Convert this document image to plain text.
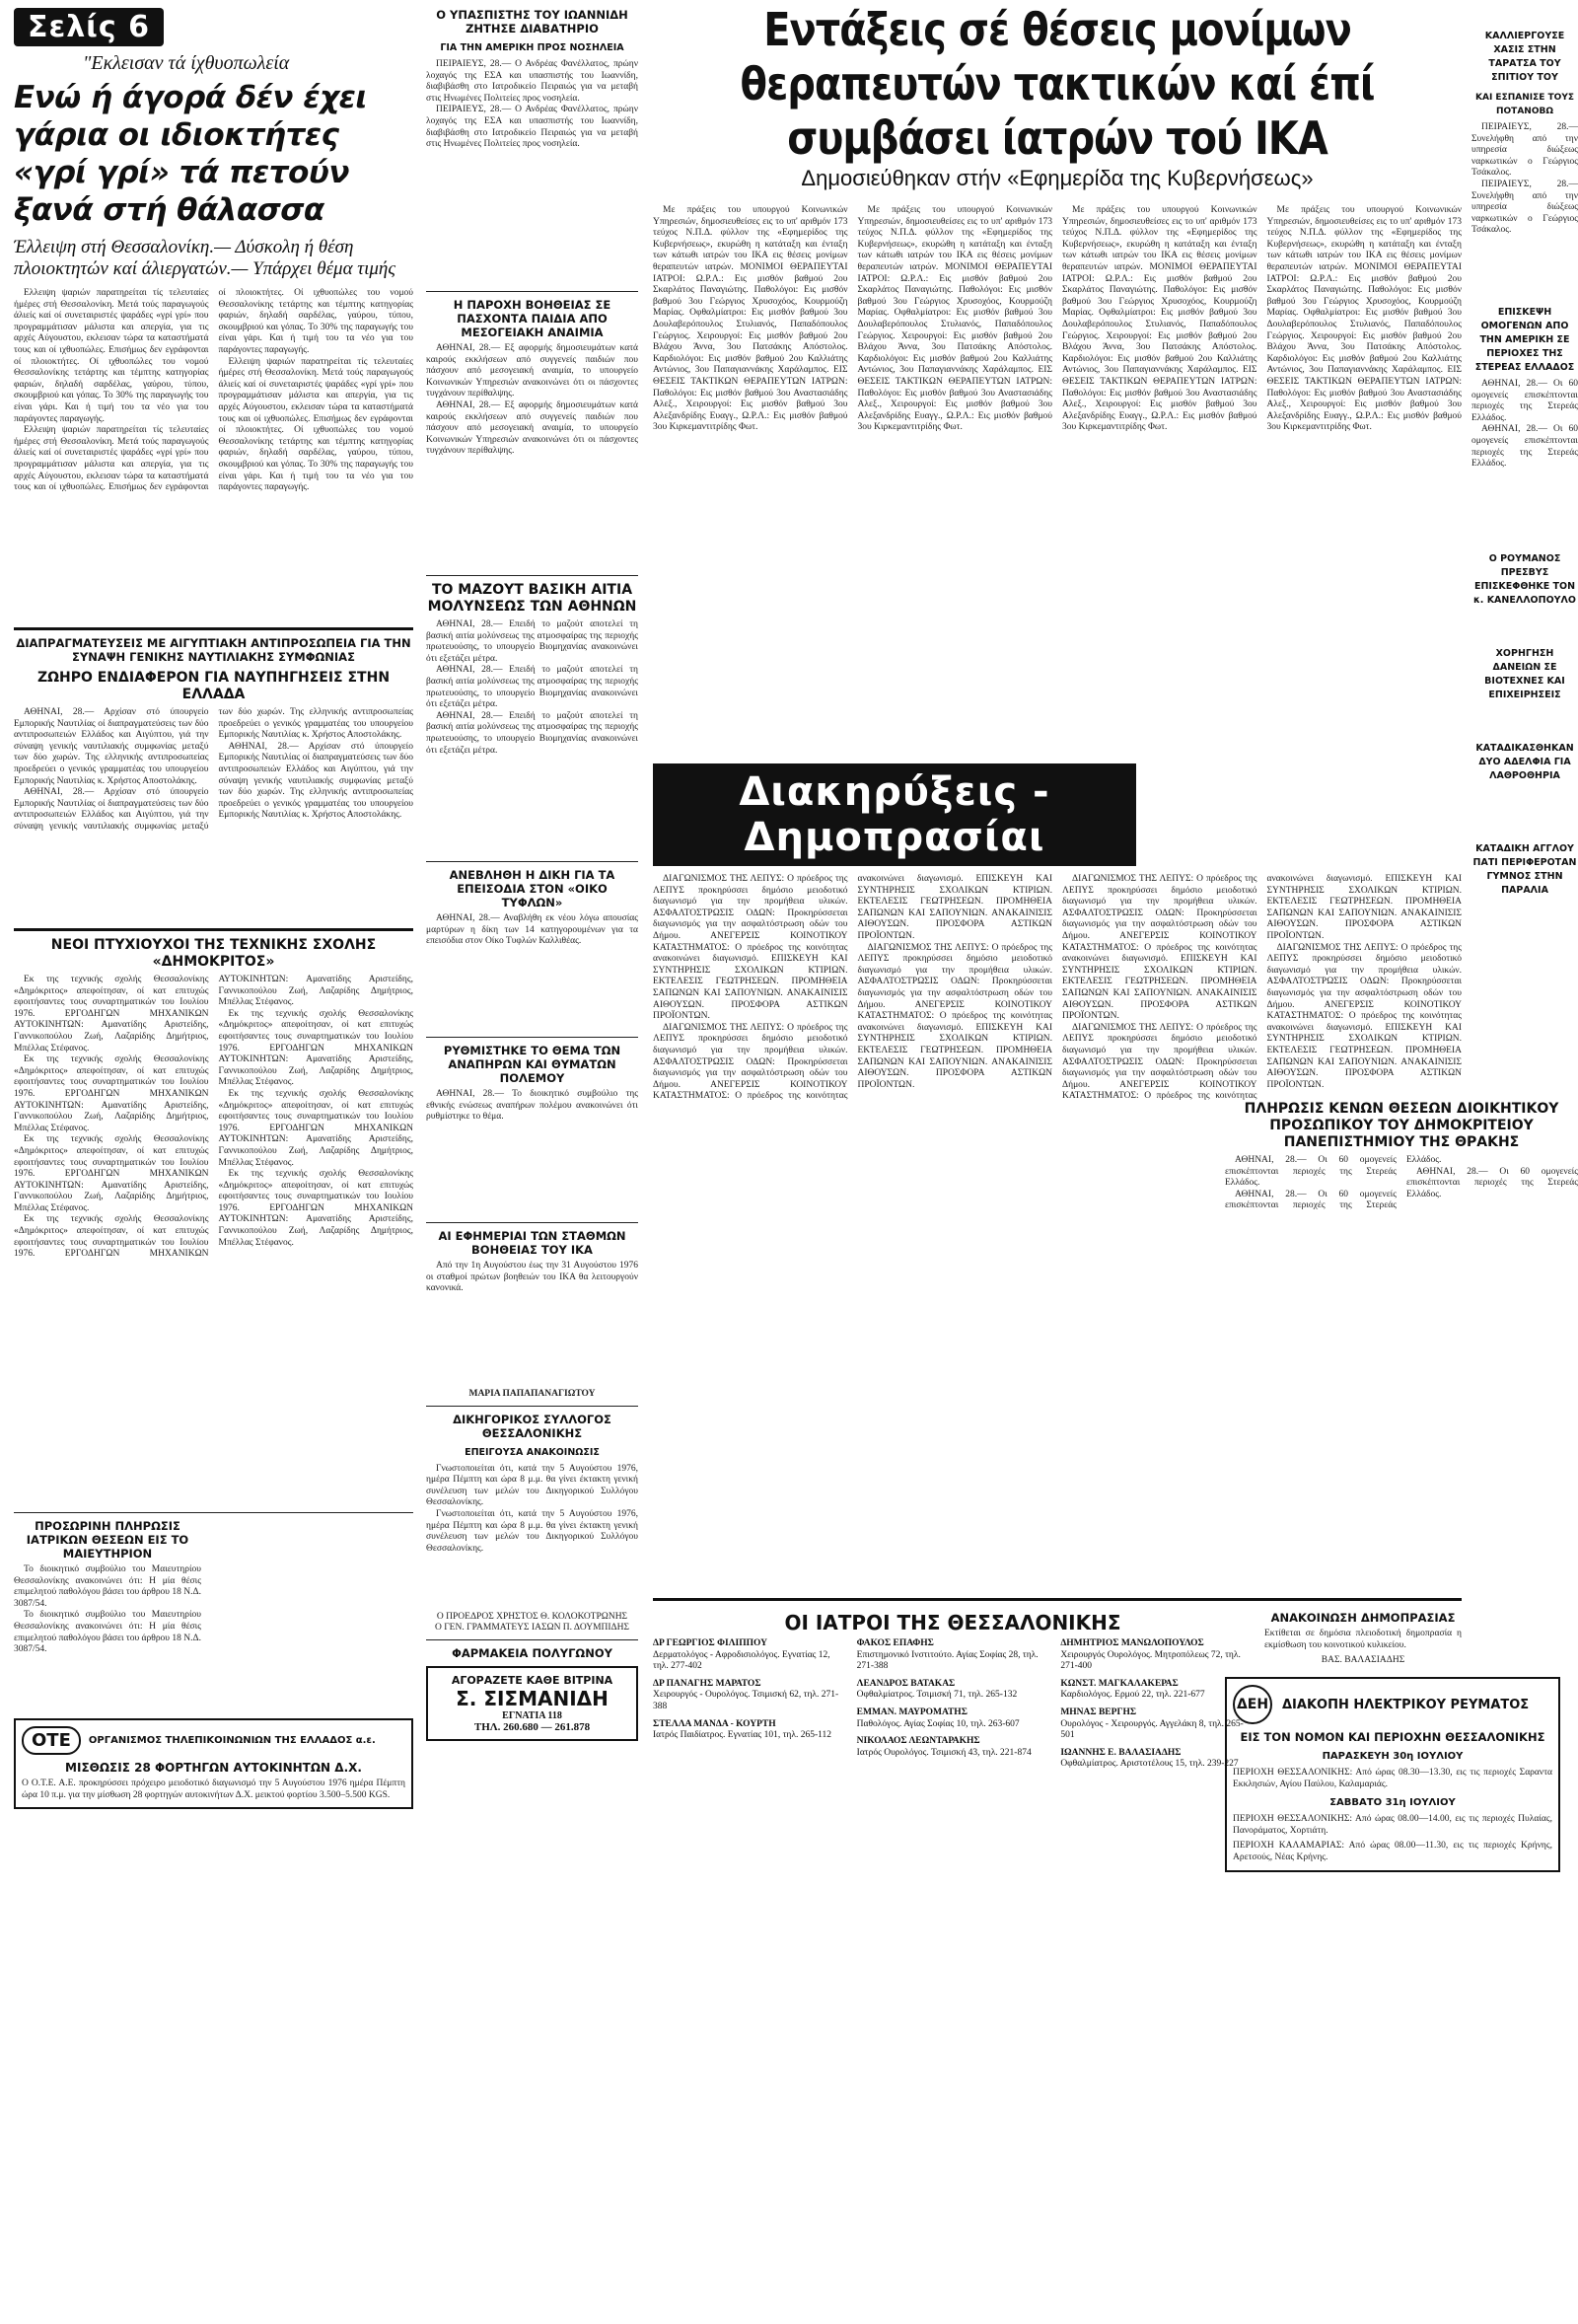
Σελίς 6
"Εκλεισαν τά ίχθυοπωλεία
Ενώ ή άγορά δέν έχει γάρια οι ιδιοκτήτες «γρί γρί» τά πετούν ξανά στή θάλασσα
Έλλειψη στή Θεσσαλονίκη.— Δύσκολη ή θέση πλοιοκτητών καί άλιεργατών.— Υπάρχει θέμα τιμής

Ελλειψη ψαριών παρατηρείται τίς τελευταίες ήμέρες στή Θεσσαλονίκη. Μετά τούς παραγωγούς άλιείς καί οί συνεταιριστές ψαράδες «γρί γρί» που προγραμμάτισαν μάλιστα και απεργία, για τις αρχές Αύγουστου, εκλεισαν τώρα τα καταστήματά τους και οί ιχθυοπώλες. Επισήμως δεν εγράφονται οί πλοιοκτήτες. Οί ιχθυοπώλες του νομού Θεσσαλονίκης τετάρτης και τέμπτης κατηγορίας φαριών, δηλαδή σαρδέλας, γαύρου, τύπου, σκουμβριού και γόπας. Το 30% της παραγωγής του είναι γάρι. Και ή τιμή του τα νέο για του παράγοντες παραγωγής.

Ελλειψη ψαριών παρατηρείται τίς τελευταίες ήμέρες στή Θεσσαλονίκη. Μετά τούς παραγωγούς άλιείς καί οί συνεταιριστές ψαράδες «γρί γρί» που προγραμμάτισαν μάλιστα και απεργία, για τις αρχές Αύγουστου, εκλεισαν τώρα τα καταστήματά τους και οί ιχθυοπώλες. Επισήμως δεν εγράφονται οί πλοιοκτήτες. Οί ιχθυοπώλες του νομού Θεσσαλονίκης τετάρτης και τέμπτης κατηγορίας φαριών, δηλαδή σαρδέλας, γαύρου, τύπου, σκουμβριού και γόπας. Το 30% της παραγωγής του είναι γάρι. Και ή τιμή του τα νέο για του παράγοντες παραγωγής.

Ελλειψη ψαριών παρατηρείται τίς τελευταίες ήμέρες στή Θεσσαλονίκη. Μετά τούς παραγωγούς άλιείς καί οί συνεταιριστές ψαράδες «γρί γρί» που προγραμμάτισαν μάλιστα και απεργία, για τις αρχές Αύγουστου, εκλεισαν τώρα τα καταστήματά τους και οί ιχθυοπώλες. Επισήμως δεν εγράφονται οί πλοιοκτήτες. Οί ιχθυοπώλες του νομού Θεσσαλονίκης τετάρτης και τέμπτης κατηγορίας φαριών, δηλαδή σαρδέλας, γαύρου, τύπου, σκουμβριού και γόπας. Το 30% της παραγωγής του είναι γάρι. Και ή τιμή του τα νέο για του παράγοντες παραγωγής.

ΔΙΑΠΡΑΓΜΑΤΕΥΣΕΙΣ ΜΕ ΑΙΓΥΠΤΙΑΚΗ ΑΝΤΙΠΡΟΣΩΠΕΙΑ ΓΙΑ ΤΗΝ ΣΥΝΑΨΗ ΓΕΝΙΚΗΣ ΝΑΥΤΙΛΙΑΚΗΣ ΣΥΜΦΩΝΙΑΣ
ΖΩΗΡΟ ΕΝΔΙΑΦΕΡΟΝ ΓΙΑ ΝΑΥΠΗΓΗΣΕΙΣ ΣΤΗΝ ΕΛΛΑΔΑ

ΑΘΗΝΑΙ, 28.— Αρχίσαν στό ύπουργείο Εμπορικής Ναυτιλίας οί διαπραγματεύσεις των δύο αντιπροσωπειών Ελλάδος και Αιγύπτου, γιά την σύναψη γενικής ναυτιλιακής συμφωνίας μεταξύ των δύο χωρών. Της ελληνικής αντιπροσωπείας προεδρεύει ο γενικός γραμματέας του υπουργείου Εμπορικής Ναυτιλίας κ. Χρήστος Αποστολάκης.

ΑΘΗΝΑΙ, 28.— Αρχίσαν στό ύπουργείο Εμπορικής Ναυτιλίας οί διαπραγματεύσεις των δύο αντιπροσωπειών Ελλάδος και Αιγύπτου, γιά την σύναψη γενικής ναυτιλιακής συμφωνίας μεταξύ των δύο χωρών. Της ελληνικής αντιπροσωπείας προεδρεύει ο γενικός γραμματέας του υπουργείου Εμπορικής Ναυτιλίας κ. Χρήστος Αποστολάκης.

ΑΘΗΝΑΙ, 28.— Αρχίσαν στό ύπουργείο Εμπορικής Ναυτιλίας οί διαπραγματεύσεις των δύο αντιπροσωπειών Ελλάδος και Αιγύπτου, γιά την σύναψη γενικής ναυτιλιακής συμφωνίας μεταξύ των δύο χωρών. Της ελληνικής αντιπροσωπείας προεδρεύει ο γενικός γραμματέας του υπουργείου Εμπορικής Ναυτιλίας κ. Χρήστος Αποστολάκης.

ΝΕΟΙ ΠΤΥΧΙΟΥΧΟΙ ΤΗΣ ΤΕΧΝΙΚΗΣ ΣΧΟΛΗΣ «ΔΗΜΟΚΡΙΤΟΣ»

Εκ της τεχνικής σχολής Θεσσαλονίκης «Δημόκριτος» απεφοίτησαν, οί κατ επιτυχώς εφοιτήσαντες τους συναρτηματικών του Ιουλίου 1976. ΕΡΓΟΔΗΓΩΝ ΜΗΧΑΝΙΚΩΝ ΑΥΤΟΚΙΝΗΤΩΝ: Αμανατίδης Αριστείδης, Γαννικοπούλου Ζωή, Λαζαρίδης Δημήτριος, Μπέλλας Στέφανος.

Εκ της τεχνικής σχολής Θεσσαλονίκης «Δημόκριτος» απεφοίτησαν, οί κατ επιτυχώς εφοιτήσαντες τους συναρτηματικών του Ιουλίου 1976. ΕΡΓΟΔΗΓΩΝ ΜΗΧΑΝΙΚΩΝ ΑΥΤΟΚΙΝΗΤΩΝ: Αμανατίδης Αριστείδης, Γαννικοπούλου Ζωή, Λαζαρίδης Δημήτριος, Μπέλλας Στέφανος.

Εκ της τεχνικής σχολής Θεσσαλονίκης «Δημόκριτος» απεφοίτησαν, οί κατ επιτυχώς εφοιτήσαντες τους συναρτηματικών του Ιουλίου 1976. ΕΡΓΟΔΗΓΩΝ ΜΗΧΑΝΙΚΩΝ ΑΥΤΟΚΙΝΗΤΩΝ: Αμανατίδης Αριστείδης, Γαννικοπούλου Ζωή, Λαζαρίδης Δημήτριος, Μπέλλας Στέφανος.

Εκ της τεχνικής σχολής Θεσσαλονίκης «Δημόκριτος» απεφοίτησαν, οί κατ επιτυχώς εφοιτήσαντες τους συναρτηματικών του Ιουλίου 1976. ΕΡΓΟΔΗΓΩΝ ΜΗΧΑΝΙΚΩΝ ΑΥΤΟΚΙΝΗΤΩΝ: Αμανατίδης Αριστείδης, Γαννικοπούλου Ζωή, Λαζαρίδης Δημήτριος, Μπέλλας Στέφανος.

Εκ της τεχνικής σχολής Θεσσαλονίκης «Δημόκριτος» απεφοίτησαν, οί κατ επιτυχώς εφοιτήσαντες τους συναρτηματικών του Ιουλίου 1976. ΕΡΓΟΔΗΓΩΝ ΜΗΧΑΝΙΚΩΝ ΑΥΤΟΚΙΝΗΤΩΝ: Αμανατίδης Αριστείδης, Γαννικοπούλου Ζωή, Λαζαρίδης Δημήτριος, Μπέλλας Στέφανος.

Εκ της τεχνικής σχολής Θεσσαλονίκης «Δημόκριτος» απεφοίτησαν, οί κατ επιτυχώς εφοιτήσαντες τους συναρτηματικών του Ιουλίου 1976. ΕΡΓΟΔΗΓΩΝ ΜΗΧΑΝΙΚΩΝ ΑΥΤΟΚΙΝΗΤΩΝ: Αμανατίδης Αριστείδης, Γαννικοπούλου Ζωή, Λαζαρίδης Δημήτριος, Μπέλλας Στέφανος.

Εκ της τεχνικής σχολής Θεσσαλονίκης «Δημόκριτος» απεφοίτησαν, οί κατ επιτυχώς εφοιτήσαντες τους συναρτηματικών του Ιουλίου 1976. ΕΡΓΟΔΗΓΩΝ ΜΗΧΑΝΙΚΩΝ ΑΥΤΟΚΙΝΗΤΩΝ: Αμανατίδης Αριστείδης, Γαννικοπούλου Ζωή, Λαζαρίδης Δημήτριος, Μπέλλας Στέφανος.

ΠΡΟΣΩΡΙΝΗ ΠΛΗΡΩΣΙΣ ΙΑΤΡΙΚΩΝ ΘΕΣΕΩΝ ΕΙΣ ΤΟ ΜΑΙΕΥΤΗΡΙΟΝ

Το διοικητικό συμβούλιο του Μαιευτηρίου Θεσσαλονίκης ανακοινώνει ότι: Η μία θέσις επιμελητού παθολόγου βάσει του άρθρου 18 Ν.Δ. 3087/54.

Το διοικητικό συμβούλιο του Μαιευτηρίου Θεσσαλονίκης ανακοινώνει ότι: Η μία θέσις επιμελητού παθολόγου βάσει του άρθρου 18 Ν.Δ. 3087/54.

ΟΤΕ	ΟΡΓΑΝΙΣΜΟΣ ΤΗΛΕΠΙΚΟΙΝΩΝΙΩΝ ΤΗΣ ΕΛΛΑΔΟΣ α.ε.
ΜΙΣΘΩΣΙΣ 28 ΦΟΡΤΗΓΩΝ ΑΥΤΟΚΙΝΗΤΩΝ Δ.Χ.
Ο Ο.Τ.Ε. Α.Ε. προκηρύσσει πρόχειρο μειοδοτικό διαγωνισμό την 5 Αυγούστου 1976 ημέρα Πέμπτη ώρα 10 π.μ. για την μίσθωση 28 φορτηγών αυτοκινήτων Δ.Χ. μεικτού φορτίου 3.500–5.500 KGS.
Ο ΥΠΑΣΠΙΣΤΗΣ ΤΟΥ ΙΩΑΝΝΙΔΗ ΖΗΤΗΣΕ ΔΙΑΒΑΤΗΡΙΟ
ΓΙΑ ΤΗΝ ΑΜΕΡΙΚΗ ΠΡΟΣ ΝΟΣΗΛΕΙΑ

ΠΕΙΡΑΙΕΥΣ, 28.— Ο Ανδρέας Φανέλλατος, πρώην λοχαγός της ΕΣΑ και υπασπιστής του Ιωαννίδη, διαβιβάσθη στο Ιατροδικείο Πειραιώς για να μεταβή στις Ηνωμένες Πολιτείες προς νοσηλεία.

ΠΕΙΡΑΙΕΥΣ, 28.— Ο Ανδρέας Φανέλλατος, πρώην λοχαγός της ΕΣΑ και υπασπιστής του Ιωαννίδη, διαβιβάσθη στο Ιατροδικείο Πειραιώς για να μεταβή στις Ηνωμένες Πολιτείες προς νοσηλεία.

Η ΠΑΡΟΧΗ ΒΟΗΘΕΙΑΣ ΣΕ ΠΑΣΧΟΝΤΑ ΠΑΙΔΙΑ ΑΠΟ ΜΕΣΟΓΕΙΑΚΗ ΑΝΑΙΜΙΑ

ΑΘΗΝΑΙ, 28.— Εξ αφορμής δημοσιευμάτων κατά καιρούς εκκλήσεων από συγγενείς παιδιών που πάσχουν από μεσογειακή αναιμία, το υπουργείο Κοινωνικών Υπηρεσιών ανακοινώνει ότι οι πάσχοντες τυγχάνουν περίθαλψης.

ΑΘΗΝΑΙ, 28.— Εξ αφορμής δημοσιευμάτων κατά καιρούς εκκλήσεων από συγγενείς παιδιών που πάσχουν από μεσογειακή αναιμία, το υπουργείο Κοινωνικών Υπηρεσιών ανακοινώνει ότι οι πάσχοντες τυγχάνουν περίθαλψης.

ΤΟ ΜΑΖΟΥΤ ΒΑΣΙΚΗ ΑΙΤΙΑ ΜΟΛΥΝΣΕΩΣ ΤΩΝ ΑΘΗΝΩΝ

ΑΘΗΝΑΙ, 28.— Επειδή το μαζούτ αποτελεί τη βασική αιτία μολύνσεως της ατμοσφαίρας της περιοχής πρωτευούσης, το υπουργείο Βιομηχανίας ανακοινώνει ότι εξετάζει μέτρα.

ΑΘΗΝΑΙ, 28.— Επειδή το μαζούτ αποτελεί τη βασική αιτία μολύνσεως της ατμοσφαίρας της περιοχής πρωτευούσης, το υπουργείο Βιομηχανίας ανακοινώνει ότι εξετάζει μέτρα.

ΑΘΗΝΑΙ, 28.— Επειδή το μαζούτ αποτελεί τη βασική αιτία μολύνσεως της ατμοσφαίρας της περιοχής πρωτευούσης, το υπουργείο Βιομηχανίας ανακοινώνει ότι εξετάζει μέτρα.

ΑΝΕΒΛΗΘΗ Η ΔΙΚΗ ΓΙΑ ΤΑ ΕΠΕΙΣΟΔΙΑ ΣΤΟΝ «ΟΙΚΟ ΤΥΦΛΩΝ»

ΑΘΗΝΑΙ, 28.— Αναβλήθη εκ νέου λόγω απουσίας μαρτύρων η δίκη των 14 κατηγορουμένων για τα επεισόδια στον Οίκο Τυφλών Καλλιθέας.

ΡΥΘΜΙΣΤΗΚΕ ΤΟ ΘΕΜΑ ΤΩΝ ΑΝΑΠΗΡΩΝ ΚΑΙ ΘΥΜΑΤΩΝ ΠΟΛΕΜΟΥ

ΑΘΗΝΑΙ, 28.— Το διοικητικό συμβούλιο της εθνικής ενώσεως αναπήρων πολέμου ανακοινώνει ότι ρυθμίστηκε το θέμα.

ΑΙ ΕΦΗΜΕΡΙΑΙ ΤΩΝ ΣΤΑΘΜΩΝ ΒΟΗΘΕΙΑΣ ΤΟΥ ΙΚΑ

Από την 1η Αυγούστου έως την 31 Αυγούστου 1976 οι σταθμοί πρώτων βοηθειών του ΙΚΑ θα λειτουργούν κανονικά.

ΜΑΡΙΑ ΠΑΠΑΠΑΝΑΓΙΩΤΟΥ
ΔΙΚΗΓΟΡΙΚΟΣ ΣΥΛΛΟΓΟΣ ΘΕΣΣΑΛΟΝΙΚΗΣ
ΕΠΕΙΓΟΥΣΑ ΑΝΑΚΟΙΝΩΣΙΣ

Γνωστοποιείται ότι, κατά την 5 Αυγούστου 1976, ημέρα Πέμπτη και ώρα 8 μ.μ. θα γίνει έκτακτη γενική συνέλευση των μελών του Δικηγορικού Συλλόγου Θεσσαλονίκης.

Γνωστοποιείται ότι, κατά την 5 Αυγούστου 1976, ημέρα Πέμπτη και ώρα 8 μ.μ. θα γίνει έκτακτη γενική συνέλευση των μελών του Δικηγορικού Συλλόγου Θεσσαλονίκης.

Ο ΠΡΟΕΔΡΟΣ ΧΡΗΣΤΟΣ Θ. ΚΟΛΟΚΟΤΡΩΝΗΣ
Ο ΓΕΝ. ΓΡΑΜΜΑΤΕΥΣ ΙΑΣΩΝ Π. ΔΟΥΜΠΙΔΗΣ
ΦΑΡΜΑΚΕΙΑ ΠΟΛΥΓΩΝΟΥ
ΑΓΟΡΑΖΕΤΕ ΚΑΘΕ ΒΙΤΡΙΝΑ
Σ. ΣΙΣΜΑΝΙΔΗ
ΕΓΝΑΤΙΑ 118
ΤΗΛ. 260.680 — 261.878
Εντάξεις σέ θέσεις μονίμων θεραπευτών τακτικών καί έπί συμβάσει ίατρών τού ΙΚΑ
Δημοσιεύθηκαν στήν «Εφημερίδα της Κυβερνήσεως»

Με πράξεις του υπουργού Κοινωνικών Υπηρεσιών, δημοσιευθείσες εις το υπ' αριθμόν 173 τεύχος Ν.Π.Δ. φύλλον της «Εφημερίδος της Κυβερνήσεως», εκυρώθη η κατάταξη και ένταξη των κάτωθι ιατρών του ΙΚΑ εις θέσεις μονίμων θεραπευτών ιατρών. ΜΟΝΙΜΟΙ ΘΕΡΑΠΕΥΤΑΙ ΙΑΤΡΟΙ: Ω.Ρ.Λ.: Εις μισθόν βαθμού 2ου Σκαρλάτος Παναγιώτης. Παθολόγοι: Εις μισθόν βαθμού 3ου Γεώργιος Χρυσοχόος, Κουρμούζη Μαρίας. Οφθαλμίατροι: Εις μισθόν βαθμού 3ου Δουλαβερόπουλος Στυλιανός, Παπαδόπουλος Γεώργιος. Χειρουργοί: Εις μισθόν βαθμού 2ου Βλάχου Άννα, 3ου Πατσάκης Απόστολος. Καρδιολόγοι: Εις μισθόν βαθμού 2ου Καλλιάτης Αντώνιος, 3ου Παπαγιαννάκης Χαράλαμπος. ΕΙΣ ΘΕΣΕΙΣ ΤΑΚΤΙΚΩΝ ΘΕΡΑΠΕΥΤΩΝ ΙΑΤΡΩΝ: Παθολόγοι: Εις μισθόν βαθμού 3ου Αναστασιάδης Αλεξ., Χειρουργοί: Εις μισθόν βαθμού 3ου Αλεξανδρίδης Ευαγγ., Ω.Ρ.Λ.: Εις μισθόν βαθμού 3ου Κιρκεμαντιτρίδης Φωτ.

Με πράξεις του υπουργού Κοινωνικών Υπηρεσιών, δημοσιευθείσες εις το υπ' αριθμόν 173 τεύχος Ν.Π.Δ. φύλλον της «Εφημερίδος της Κυβερνήσεως», εκυρώθη η κατάταξη και ένταξη των κάτωθι ιατρών του ΙΚΑ εις θέσεις μονίμων θεραπευτών ιατρών. ΜΟΝΙΜΟΙ ΘΕΡΑΠΕΥΤΑΙ ΙΑΤΡΟΙ: Ω.Ρ.Λ.: Εις μισθόν βαθμού 2ου Σκαρλάτος Παναγιώτης. Παθολόγοι: Εις μισθόν βαθμού 3ου Γεώργιος Χρυσοχόος, Κουρμούζη Μαρίας. Οφθαλμίατροι: Εις μισθόν βαθμού 3ου Δουλαβερόπουλος Στυλιανός, Παπαδόπουλος Γεώργιος. Χειρουργοί: Εις μισθόν βαθμού 2ου Βλάχου Άννα, 3ου Πατσάκης Απόστολος. Καρδιολόγοι: Εις μισθόν βαθμού 2ου Καλλιάτης Αντώνιος, 3ου Παπαγιαννάκης Χαράλαμπος. ΕΙΣ ΘΕΣΕΙΣ ΤΑΚΤΙΚΩΝ ΘΕΡΑΠΕΥΤΩΝ ΙΑΤΡΩΝ: Παθολόγοι: Εις μισθόν βαθμού 3ου Αναστασιάδης Αλεξ., Χειρουργοί: Εις μισθόν βαθμού 3ου Αλεξανδρίδης Ευαγγ., Ω.Ρ.Λ.: Εις μισθόν βαθμού 3ου Κιρκεμαντιτρίδης Φωτ.

Με πράξεις του υπουργού Κοινωνικών Υπηρεσιών, δημοσιευθείσες εις το υπ' αριθμόν 173 τεύχος Ν.Π.Δ. φύλλον της «Εφημερίδος της Κυβερνήσεως», εκυρώθη η κατάταξη και ένταξη των κάτωθι ιατρών του ΙΚΑ εις θέσεις μονίμων θεραπευτών ιατρών. ΜΟΝΙΜΟΙ ΘΕΡΑΠΕΥΤΑΙ ΙΑΤΡΟΙ: Ω.Ρ.Λ.: Εις μισθόν βαθμού 2ου Σκαρλάτος Παναγιώτης. Παθολόγοι: Εις μισθόν βαθμού 3ου Γεώργιος Χρυσοχόος, Κουρμούζη Μαρίας. Οφθαλμίατροι: Εις μισθόν βαθμού 3ου Δουλαβερόπουλος Στυλιανός, Παπαδόπουλος Γεώργιος. Χειρουργοί: Εις μισθόν βαθμού 2ου Βλάχου Άννα, 3ου Πατσάκης Απόστολος. Καρδιολόγοι: Εις μισθόν βαθμού 2ου Καλλιάτης Αντώνιος, 3ου Παπαγιαννάκης Χαράλαμπος. ΕΙΣ ΘΕΣΕΙΣ ΤΑΚΤΙΚΩΝ ΘΕΡΑΠΕΥΤΩΝ ΙΑΤΡΩΝ: Παθολόγοι: Εις μισθόν βαθμού 3ου Αναστασιάδης Αλεξ., Χειρουργοί: Εις μισθόν βαθμού 3ου Αλεξανδρίδης Ευαγγ., Ω.Ρ.Λ.: Εις μισθόν βαθμού 3ου Κιρκεμαντιτρίδης Φωτ.

Με πράξεις του υπουργού Κοινωνικών Υπηρεσιών, δημοσιευθείσες εις το υπ' αριθμόν 173 τεύχος Ν.Π.Δ. φύλλον της «Εφημερίδος της Κυβερνήσεως», εκυρώθη η κατάταξη και ένταξη των κάτωθι ιατρών του ΙΚΑ εις θέσεις μονίμων θεραπευτών ιατρών. ΜΟΝΙΜΟΙ ΘΕΡΑΠΕΥΤΑΙ ΙΑΤΡΟΙ: Ω.Ρ.Λ.: Εις μισθόν βαθμού 2ου Σκαρλάτος Παναγιώτης. Παθολόγοι: Εις μισθόν βαθμού 3ου Γεώργιος Χρυσοχόος, Κουρμούζη Μαρίας. Οφθαλμίατροι: Εις μισθόν βαθμού 3ου Δουλαβερόπουλος Στυλιανός, Παπαδόπουλος Γεώργιος. Χειρουργοί: Εις μισθόν βαθμού 2ου Βλάχου Άννα, 3ου Πατσάκης Απόστολος. Καρδιολόγοι: Εις μισθόν βαθμού 2ου Καλλιάτης Αντώνιος, 3ου Παπαγιαννάκης Χαράλαμπος. ΕΙΣ ΘΕΣΕΙΣ ΤΑΚΤΙΚΩΝ ΘΕΡΑΠΕΥΤΩΝ ΙΑΤΡΩΝ: Παθολόγοι: Εις μισθόν βαθμού 3ου Αναστασιάδης Αλεξ., Χειρουργοί: Εις μισθόν βαθμού 3ου Αλεξανδρίδης Ευαγγ., Ω.Ρ.Λ.: Εις μισθόν βαθμού 3ου Κιρκεμαντιτρίδης Φωτ.

Διακηρύξεις - Δημοπρασίαι

ΔΙΑΓΩΝΙΣΜΟΣ ΤΗΣ ΛΕΠΥΣ: Ο πρόεδρος της ΛΕΠΥΣ προκηρύσσει δημόσιο μειοδοτικό διαγωνισμό για την προμήθεια υλικών. ΑΣΦΑΛΤΟΣΤΡΩΣΙΣ ΟΔΩΝ: Προκηρύσσεται διαγωνισμός για την ασφαλτόστρωση οδών του Δήμου. ΑΝΕΓΕΡΣΙΣ ΚΟΙΝΟΤΙΚΟΥ ΚΑΤΑΣΤΗΜΑΤΟΣ: Ο πρόεδρος της κοινότητας ανακοινώνει διαγωνισμό. ΕΠΙΣΚΕΥΗ ΚΑΙ ΣΥΝΤΗΡΗΣΙΣ ΣΧΟΛΙΚΩΝ ΚΤΙΡΙΩΝ. ΕΚΤΕΛΕΣΙΣ ΓΕΩΤΡΗΣΕΩΝ. ΠΡΟΜΗΘΕΙΑ ΣΑΠΩΝΩΝ ΚΑΙ ΣΑΠΟΥΝΙΩΝ. ΑΝΑΚΑΙΝΙΣΙΣ ΑΙΘΟΥΣΩΝ. ΠΡΟΣΦΟΡΑ ΑΣΤΙΚΩΝ ΠΡΟΪΟΝΤΩΝ.

ΔΙΑΓΩΝΙΣΜΟΣ ΤΗΣ ΛΕΠΥΣ: Ο πρόεδρος της ΛΕΠΥΣ προκηρύσσει δημόσιο μειοδοτικό διαγωνισμό για την προμήθεια υλικών. ΑΣΦΑΛΤΟΣΤΡΩΣΙΣ ΟΔΩΝ: Προκηρύσσεται διαγωνισμός για την ασφαλτόστρωση οδών του Δήμου. ΑΝΕΓΕΡΣΙΣ ΚΟΙΝΟΤΙΚΟΥ ΚΑΤΑΣΤΗΜΑΤΟΣ: Ο πρόεδρος της κοινότητας ανακοινώνει διαγωνισμό. ΕΠΙΣΚΕΥΗ ΚΑΙ ΣΥΝΤΗΡΗΣΙΣ ΣΧΟΛΙΚΩΝ ΚΤΙΡΙΩΝ. ΕΚΤΕΛΕΣΙΣ ΓΕΩΤΡΗΣΕΩΝ. ΠΡΟΜΗΘΕΙΑ ΣΑΠΩΝΩΝ ΚΑΙ ΣΑΠΟΥΝΙΩΝ. ΑΝΑΚΑΙΝΙΣΙΣ ΑΙΘΟΥΣΩΝ. ΠΡΟΣΦΟΡΑ ΑΣΤΙΚΩΝ ΠΡΟΪΟΝΤΩΝ.

ΔΙΑΓΩΝΙΣΜΟΣ ΤΗΣ ΛΕΠΥΣ: Ο πρόεδρος της ΛΕΠΥΣ προκηρύσσει δημόσιο μειοδοτικό διαγωνισμό για την προμήθεια υλικών. ΑΣΦΑΛΤΟΣΤΡΩΣΙΣ ΟΔΩΝ: Προκηρύσσεται διαγωνισμός για την ασφαλτόστρωση οδών του Δήμου. ΑΝΕΓΕΡΣΙΣ ΚΟΙΝΟΤΙΚΟΥ ΚΑΤΑΣΤΗΜΑΤΟΣ: Ο πρόεδρος της κοινότητας ανακοινώνει διαγωνισμό. ΕΠΙΣΚΕΥΗ ΚΑΙ ΣΥΝΤΗΡΗΣΙΣ ΣΧΟΛΙΚΩΝ ΚΤΙΡΙΩΝ. ΕΚΤΕΛΕΣΙΣ ΓΕΩΤΡΗΣΕΩΝ. ΠΡΟΜΗΘΕΙΑ ΣΑΠΩΝΩΝ ΚΑΙ ΣΑΠΟΥΝΙΩΝ. ΑΝΑΚΑΙΝΙΣΙΣ ΑΙΘΟΥΣΩΝ. ΠΡΟΣΦΟΡΑ ΑΣΤΙΚΩΝ ΠΡΟΪΟΝΤΩΝ.

ΔΙΑΓΩΝΙΣΜΟΣ ΤΗΣ ΛΕΠΥΣ: Ο πρόεδρος της ΛΕΠΥΣ προκηρύσσει δημόσιο μειοδοτικό διαγωνισμό για την προμήθεια υλικών. ΑΣΦΑΛΤΟΣΤΡΩΣΙΣ ΟΔΩΝ: Προκηρύσσεται διαγωνισμός για την ασφαλτόστρωση οδών του Δήμου. ΑΝΕΓΕΡΣΙΣ ΚΟΙΝΟΤΙΚΟΥ ΚΑΤΑΣΤΗΜΑΤΟΣ: Ο πρόεδρος της κοινότητας ανακοινώνει διαγωνισμό. ΕΠΙΣΚΕΥΗ ΚΑΙ ΣΥΝΤΗΡΗΣΙΣ ΣΧΟΛΙΚΩΝ ΚΤΙΡΙΩΝ. ΕΚΤΕΛΕΣΙΣ ΓΕΩΤΡΗΣΕΩΝ. ΠΡΟΜΗΘΕΙΑ ΣΑΠΩΝΩΝ ΚΑΙ ΣΑΠΟΥΝΙΩΝ. ΑΝΑΚΑΙΝΙΣΙΣ ΑΙΘΟΥΣΩΝ. ΠΡΟΣΦΟΡΑ ΑΣΤΙΚΩΝ ΠΡΟΪΟΝΤΩΝ.

ΔΙΑΓΩΝΙΣΜΟΣ ΤΗΣ ΛΕΠΥΣ: Ο πρόεδρος της ΛΕΠΥΣ προκηρύσσει δημόσιο μειοδοτικό διαγωνισμό για την προμήθεια υλικών. ΑΣΦΑΛΤΟΣΤΡΩΣΙΣ ΟΔΩΝ: Προκηρύσσεται διαγωνισμός για την ασφαλτόστρωση οδών του Δήμου. ΑΝΕΓΕΡΣΙΣ ΚΟΙΝΟΤΙΚΟΥ ΚΑΤΑΣΤΗΜΑΤΟΣ: Ο πρόεδρος της κοινότητας ανακοινώνει διαγωνισμό. ΕΠΙΣΚΕΥΗ ΚΑΙ ΣΥΝΤΗΡΗΣΙΣ ΣΧΟΛΙΚΩΝ ΚΤΙΡΙΩΝ. ΕΚΤΕΛΕΣΙΣ ΓΕΩΤΡΗΣΕΩΝ. ΠΡΟΜΗΘΕΙΑ ΣΑΠΩΝΩΝ ΚΑΙ ΣΑΠΟΥΝΙΩΝ. ΑΝΑΚΑΙΝΙΣΙΣ ΑΙΘΟΥΣΩΝ. ΠΡΟΣΦΟΡΑ ΑΣΤΙΚΩΝ ΠΡΟΪΟΝΤΩΝ.

ΔΙΑΓΩΝΙΣΜΟΣ ΤΗΣ ΛΕΠΥΣ: Ο πρόεδρος της ΛΕΠΥΣ προκηρύσσει δημόσιο μειοδοτικό διαγωνισμό για την προμήθεια υλικών. ΑΣΦΑΛΤΟΣΤΡΩΣΙΣ ΟΔΩΝ: Προκηρύσσεται διαγωνισμός για την ασφαλτόστρωση οδών του Δήμου. ΑΝΕΓΕΡΣΙΣ ΚΟΙΝΟΤΙΚΟΥ ΚΑΤΑΣΤΗΜΑΤΟΣ: Ο πρόεδρος της κοινότητας ανακοινώνει διαγωνισμό. ΕΠΙΣΚΕΥΗ ΚΑΙ ΣΥΝΤΗΡΗΣΙΣ ΣΧΟΛΙΚΩΝ ΚΤΙΡΙΩΝ. ΕΚΤΕΛΕΣΙΣ ΓΕΩΤΡΗΣΕΩΝ. ΠΡΟΜΗΘΕΙΑ ΣΑΠΩΝΩΝ ΚΑΙ ΣΑΠΟΥΝΙΩΝ. ΑΝΑΚΑΙΝΙΣΙΣ ΑΙΘΟΥΣΩΝ. ΠΡΟΣΦΟΡΑ ΑΣΤΙΚΩΝ ΠΡΟΪΟΝΤΩΝ.

ΟΙ ΙΑΤΡΟΙ ΤΗΣ ΘΕΣΣΑΛΟΝΙΚΗΣ
ΔΡ ΓΕΩΡΓΙΟΣ ΦΙΛΙΠΠΟΥ
Δερματολόγος - Αφροδισιολόγος. Εγνατίας 12, τηλ. 277-402
ΔΡ ΠΑΝΑΓΗΣ ΜΑΡΑΤΟΣ
Χειρουργός - Ουρολόγος. Τσιμισκή 62, τηλ. 271-388
ΣΤΕΛΛΑ ΜΑΝΔΑ - ΚΟΥΡΤΗ
Ιατρός Παιδίατρος. Εγνατίας 101, τηλ. 265-112
ΦΑΚΟΣ ΕΠΑΦΗΣ
Επιστημονικό Ινστιτούτο. Αγίας Σοφίας 28, τηλ. 271-388
ΛΕΑΝΔΡΟΣ ΒΑΤΑΚΑΣ
Οφθαλμίατρος. Τσιμισκή 71, τηλ. 265-132
ΕΜΜΑΝ. ΜΑΥΡΟΜΑΤΗΣ
Παθολόγος. Αγίας Σοφίας 10, τηλ. 263-607
ΝΙΚΟΛΑΟΣ ΛΕΩΝΤΑΡΑΚΗΣ
Ιατρός Ουρολόγος. Τσιμισκή 43, τηλ. 221-874
ΔΗΜΗΤΡΙΟΣ ΜΑΝΩΛΟΠΟΥΛΟΣ
Χειρουργός Ουρολόγος. Μητροπόλεως 72, τηλ. 271-400
ΚΩΝΣΤ. ΜΑΓΚΑΛΑΚΕΡΑΣ
Καρδιολόγος. Ερμού 22, τηλ. 221-677
ΜΗΝΑΣ ΒΕΡΓΗΣ
Ουρολόγος - Χειρουργός. Αγγελάκη 8, τηλ. 265-501
ΙΩΑΝΝΗΣ Ε. ΒΑΛΑΣΙΑΔΗΣ
Οφθαλμίατρος. Αριστοτέλους 15, τηλ. 239-227
ΑΝΑΚΟΙΝΩΣΗ ΔΗΜΟΠΡΑΣΙΑΣ
Εκτίθεται σε δημόσια πλειοδοτική δημοπρασία η εκμίσθωση του κοινοτικού κυλικείου.
ΒΑΣ. ΒΑΛΑΣΙΑΔΗΣ
ΚΑΛΛΙΕΡΓΟΥΣΕ ΧΑΣΙΣ ΣΤΗΝ ΤΑΡΑΤΣΑ ΤΟΥ ΣΠΙΤΙΟΥ ΤΟΥ
ΚΑΙ ΕΣΠΑΝΙΣΕ ΤΟΥΣ ΠΟΤΑΝΟΒΩ

ΠΕΙΡΑΙΕΥΣ, 28.— Συνελήφθη από την υπηρεσία διώξεως ναρκωτικών ο Γεώργιος Τσάκαλος.

ΠΕΙΡΑΙΕΥΣ, 28.— Συνελήφθη από την υπηρεσία διώξεως ναρκωτικών ο Γεώργιος Τσάκαλος.

ΕΠΙΣΚΕΨΗ ΟΜΟΓΕΝΩΝ ΑΠΟ ΤΗΝ ΑΜΕΡΙΚΗ ΣΕ ΠΕΡΙΟΧΕΣ ΤΗΣ ΣΤΕΡΕΑΣ ΕΛΛΑΔΟΣ

ΑΘΗΝΑΙ, 28.— Οι 60 ομογενείς επισκέπτονται περιοχές της Στερεάς Ελλάδος.

ΑΘΗΝΑΙ, 28.— Οι 60 ομογενείς επισκέπτονται περιοχές της Στερεάς Ελλάδος.

Ο ΡΟΥΜΑΝΟΣ ΠΡΕΣΒΥΣ ΕΠΙΣΚΕΦΘΗΚΕ ΤΟΝ κ. ΚΑΝΕΛΛΟΠΟΥΛΟ
ΧΟΡΗΓΗΣΗ ΔΑΝΕΙΩΝ ΣΕ ΒΙΟΤΕΧΝΕΣ ΚΑΙ ΕΠΙΧΕΙΡΗΣΕΙΣ
ΚΑΤΑΔΙΚΑΣΘΗΚΑΝ ΔΥΟ ΑΔΕΛΦΙΑ ΓΙΑ ΛΑΘΡΟΘΗΡΙΑ
ΚΑΤΑΔΙΚΗ ΑΓΓΛΟΥ ΠΑΤΙ ΠΕΡΙΦΕΡΟΤΑΝ ΓΥΜΝΟΣ ΣΤΗΝ ΠΑΡΑΛΙΑ
ΠΛΗΡΩΣΙΣ ΚΕΝΩΝ ΘΕΣΕΩΝ ΔΙΟΙΚΗΤΙΚΟΥ ΠΡΟΣΩΠΙΚΟΥ ΤΟΥ ΔΗΜΟΚΡΙΤΕΙΟΥ ΠΑΝΕΠΙΣΤΗΜΙΟΥ ΤΗΣ ΘΡΑΚΗΣ

ΑΘΗΝΑΙ, 28.— Οι 60 ομογενείς επισκέπτονται περιοχές της Στερεάς Ελλάδος.

ΑΘΗΝΑΙ, 28.— Οι 60 ομογενείς επισκέπτονται περιοχές της Στερεάς Ελλάδος.

ΑΘΗΝΑΙ, 28.— Οι 60 ομογενείς επισκέπτονται περιοχές της Στερεάς Ελλάδος.

ΔΕΗ	ΔΙΑΚΟΠΗ ΗΛΕΚΤΡΙΚΟΥ ΡΕΥΜΑΤΟΣ
ΕΙΣ ΤΟΝ ΝΟΜΟΝ ΚΑΙ ΠΕΡΙΟΧΗΝ ΘΕΣΣΑΛΟΝΙΚΗΣ
ΠΑΡΑΣΚΕΥΗ 30η ΙΟΥΛΙΟΥ
ΠΕΡΙΟΧΗ ΘΕΣΣΑΛΟΝΙΚΗΣ: Από ώρας 08.30—13.30, εις τις περιοχές Σαραντα Εκκλησιών, Αγίου Παύλου, Καλαμαριάς.
ΣΑΒΒΑΤΟ 31η ΙΟΥΛΙΟΥ
ΠΕΡΙΟΧΗ ΘΕΣΣΑΛΟΝΙΚΗΣ: Από ώρας 08.00—14.00, εις τις περιοχές Πυλαίας, Πανοράματος, Χορτιάτη.
ΠΕΡΙΟΧΗ ΚΑΛΑΜΑΡΙΑΣ: Από ώρας 08.00—11.30, εις τις περιοχές Κρήνης, Αρετσούς, Νέας Κρήνης.
